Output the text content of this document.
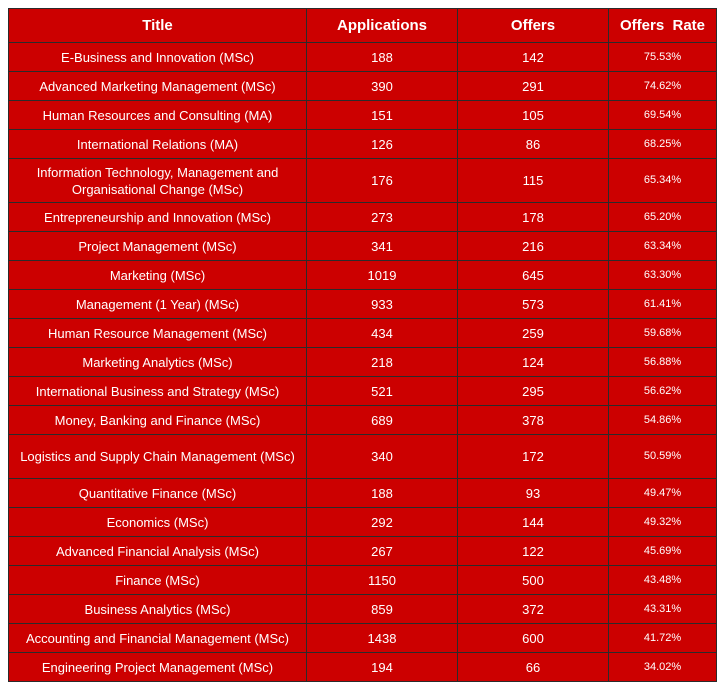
Title	Applications	Offers	Offers  Rate
E-Business and Innovation (MSc)	188	142	75.53%
Advanced Marketing Management (MSc)	390	291	74.62%
Human Resources and Consulting (MA)	151	105	69.54%
International Relations (MA)	126	86	68.25%
Information Technology, Management and Organisational Change (MSc)	176	115	65.34%
Entrepreneurship and Innovation (MSc)	273	178	65.20%
Project Management (MSc)	341	216	63.34%
Marketing (MSc)	1019	645	63.30%
Management (1 Year) (MSc)	933	573	61.41%
Human Resource Management (MSc)	434	259	59.68%
Marketing Analytics (MSc)	218	124	56.88%
International Business and Strategy (MSc)	521	295	56.62%
Money, Banking and Finance (MSc)	689	378	54.86%
Logistics and Supply Chain Management (MSc)	340	172	50.59%
Quantitative Finance (MSc)	188	93	49.47%
Economics (MSc)	292	144	49.32%
Advanced Financial Analysis (MSc)	267	122	45.69%
Finance (MSc)	1150	500	43.48%
Business Analytics (MSc)	859	372	43.31%
Accounting and Financial Management (MSc)	1438	600	41.72%
Engineering Project Management (MSc)	194	66	34.02%
